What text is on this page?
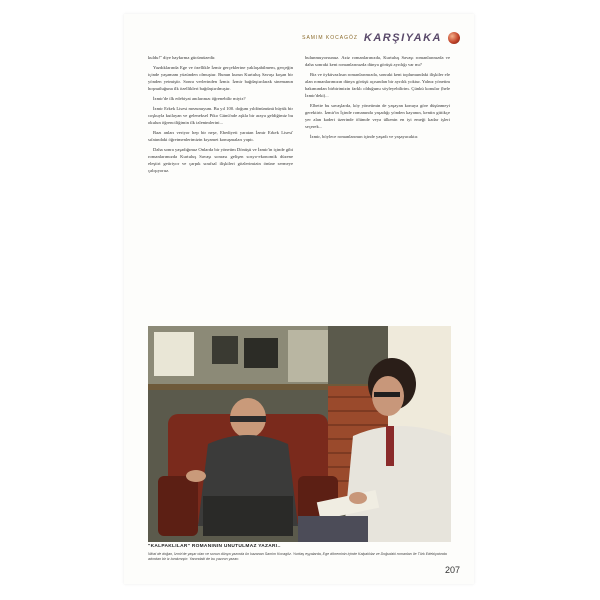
SAMIM KOCAGÖZ KARŞIYAKA

kuldu!" diye haykırma gücümüzedir.

Yazdıklarında Ege ve özellikle İzmir gerçeklerine yaklaşabilmem, gerçeğin içinde yaşamam yüzünden olmuştur. Bunun kurun Kurtuluş Savaşı koşan bir yönden yetmiştir. Sonra verlerinden İzmir. İzmir bağdaştırılarak sinemanın hoşnutluğuna ilk özellikleri bağdaştırılmıştır.

İzmir'de ilk edebiyat anılarınızı öğrenebilir miyiz?

İzmir Erkek Lisesi mezunuyum. Bu yıl 100. doğum yıldönümünü büyük bir coşkuyla kutlayan ve geleneksel Piko Günü'nde aşkla bir araya geldiğimiz bu okulun öğrenciliğimin ilk izlenimlerini...

Bazı anları veriyor hep bir neşe, Ebediyeti yaratan İzmir Erkek Lisesi' sıfatındaki öğretmenlerimizin kıyamet konuşmaları yaptı.

Daha sonra yaşadığımız Onlarda bir yönetim Dönüşü ve İzmir'in içinde gibi romanlarımızda Kurtuluş Savaşı sonrası gelişen sosyo-ekonomik düzene eleştiri getiriyor ve çarpık sınıfsal ilişkileri gözlerimizin önüne sermeye çalışıyoruz.

bulunmuyorsunuz. Aziz romanlarınızda, Kurtuluş Savaşı romanlarınızda ve daha sonraki kent romanlarınızda dünya görüşü ayrılığı var mı?

Biz ve öyküvazlısın romanlarımızda, sonraki kent toplumundaki ilişkiler ele alan romanlarımızın dünya görüşü açısından bir ayrılık yoktur. Yalnız yönetim bakımından birbirimizin farklı olduğunu söyleyebilirim. Çünkü konular (hele İzmir'deki)...

Elbette bu savaşlarda, köy yönetimin de yaşayan konuya göre düşünmeyi gerektirir. İzmir'in İçinde romanında yaşadığı yönden kayanın, kentin gittikçe yer alan kaderi üzerinde ölümde veya ülkenin en iyi emeği kadar işleri seçerek...

İzmir, böylece romanlarımın içinde yaşadı ve yaşayacaktır.

"KALPAKLILAR" ROMANININ UNUTULMAZ YAZARI..
Nihai de doğan, İzmir'de yaşar olan ve sonun dünya yazında ün kazanan Samim Kocagöz. Yurttaş eşyalarda, Ege döneminin içinde Kalpaklılar ve Doğudaki romanları ile Türk Edebiyatında adından bir iz bırakmıştır. Yanındaki de bu yazının yazarı.
207
